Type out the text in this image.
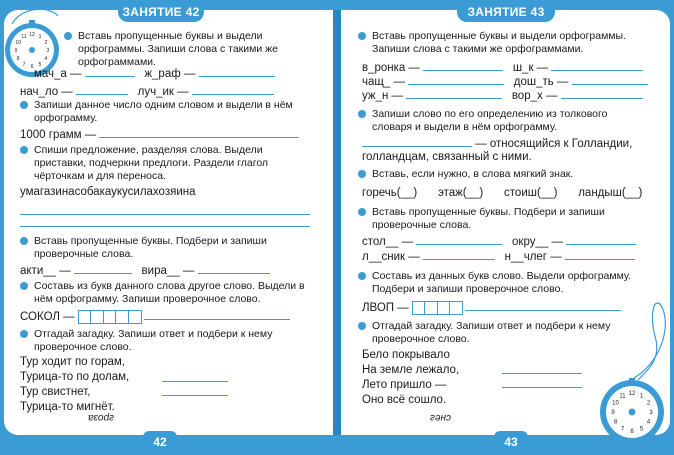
ЗАНЯТИЕ 42	ЗАНЯТИЕ 43
12 1
2
3
4
5
6
7
8
9
10
11
12 1
2
3
4
5
6
7
8
9
10
11
Вставь пропущенные буквы и выдели орфограммы. Запиши слова с такими же орфограммами.
мач_а —	ж_раф —
нач_ло —	луч_ик —
Запиши данное число одним словом и выдели в нём орфограмму.
1000 грамм —
Спиши предложение, разделяя слова. Выдели приставки, подчеркни предлоги. Раздели глагол чёрточкам и для переноса.
умагазинасобакаукусилахозяина
Вставь пропущенные буквы. Подбери и запиши проверочные слова.
акти__ —	вира__ —
Составь из букв данного слова другое слово. Выдели в нём орфограмму. Запиши проверочное слово.
СОКОЛ —
Отгадай загадку. Запиши ответ и подбери к нему проверочное слово.
Тур ходит по горам,
Турица-то по долам,
Тур свистнет,
Турица-то мигнёт.
гроза
Вставь пропущенные буквы и выдели орфограммы. Запиши слова с такими же орфограммами.
в_ронка —	ш_к —
чащ_ —	дош_ть —
уж_н —	вор_х —
Запиши слово по его определению из толкового словаря и выдели в нём орфограмму.
— относящийся к Голландии,
голландцам, связанный с ними.
Вставь, если нужно, в слова мягкий знак.
горечь(__) этаж(__) стоиш(__) ландыш(__)
Вставь пропущенные буквы. Подбери и запиши проверочные слова.
стол__ —	окру__ —
л__сник —	н__члег —
Составь из данных букв слово. Выдели орфограмму. Подбери и запиши проверочное слово.
ЛВОП —
Отгадай загадку. Запиши ответ и подбери к нему проверочное слово.
Бело покрывало
На земле лежало,
Лето пришло —
Оно всё сошло.
снег
42	43
